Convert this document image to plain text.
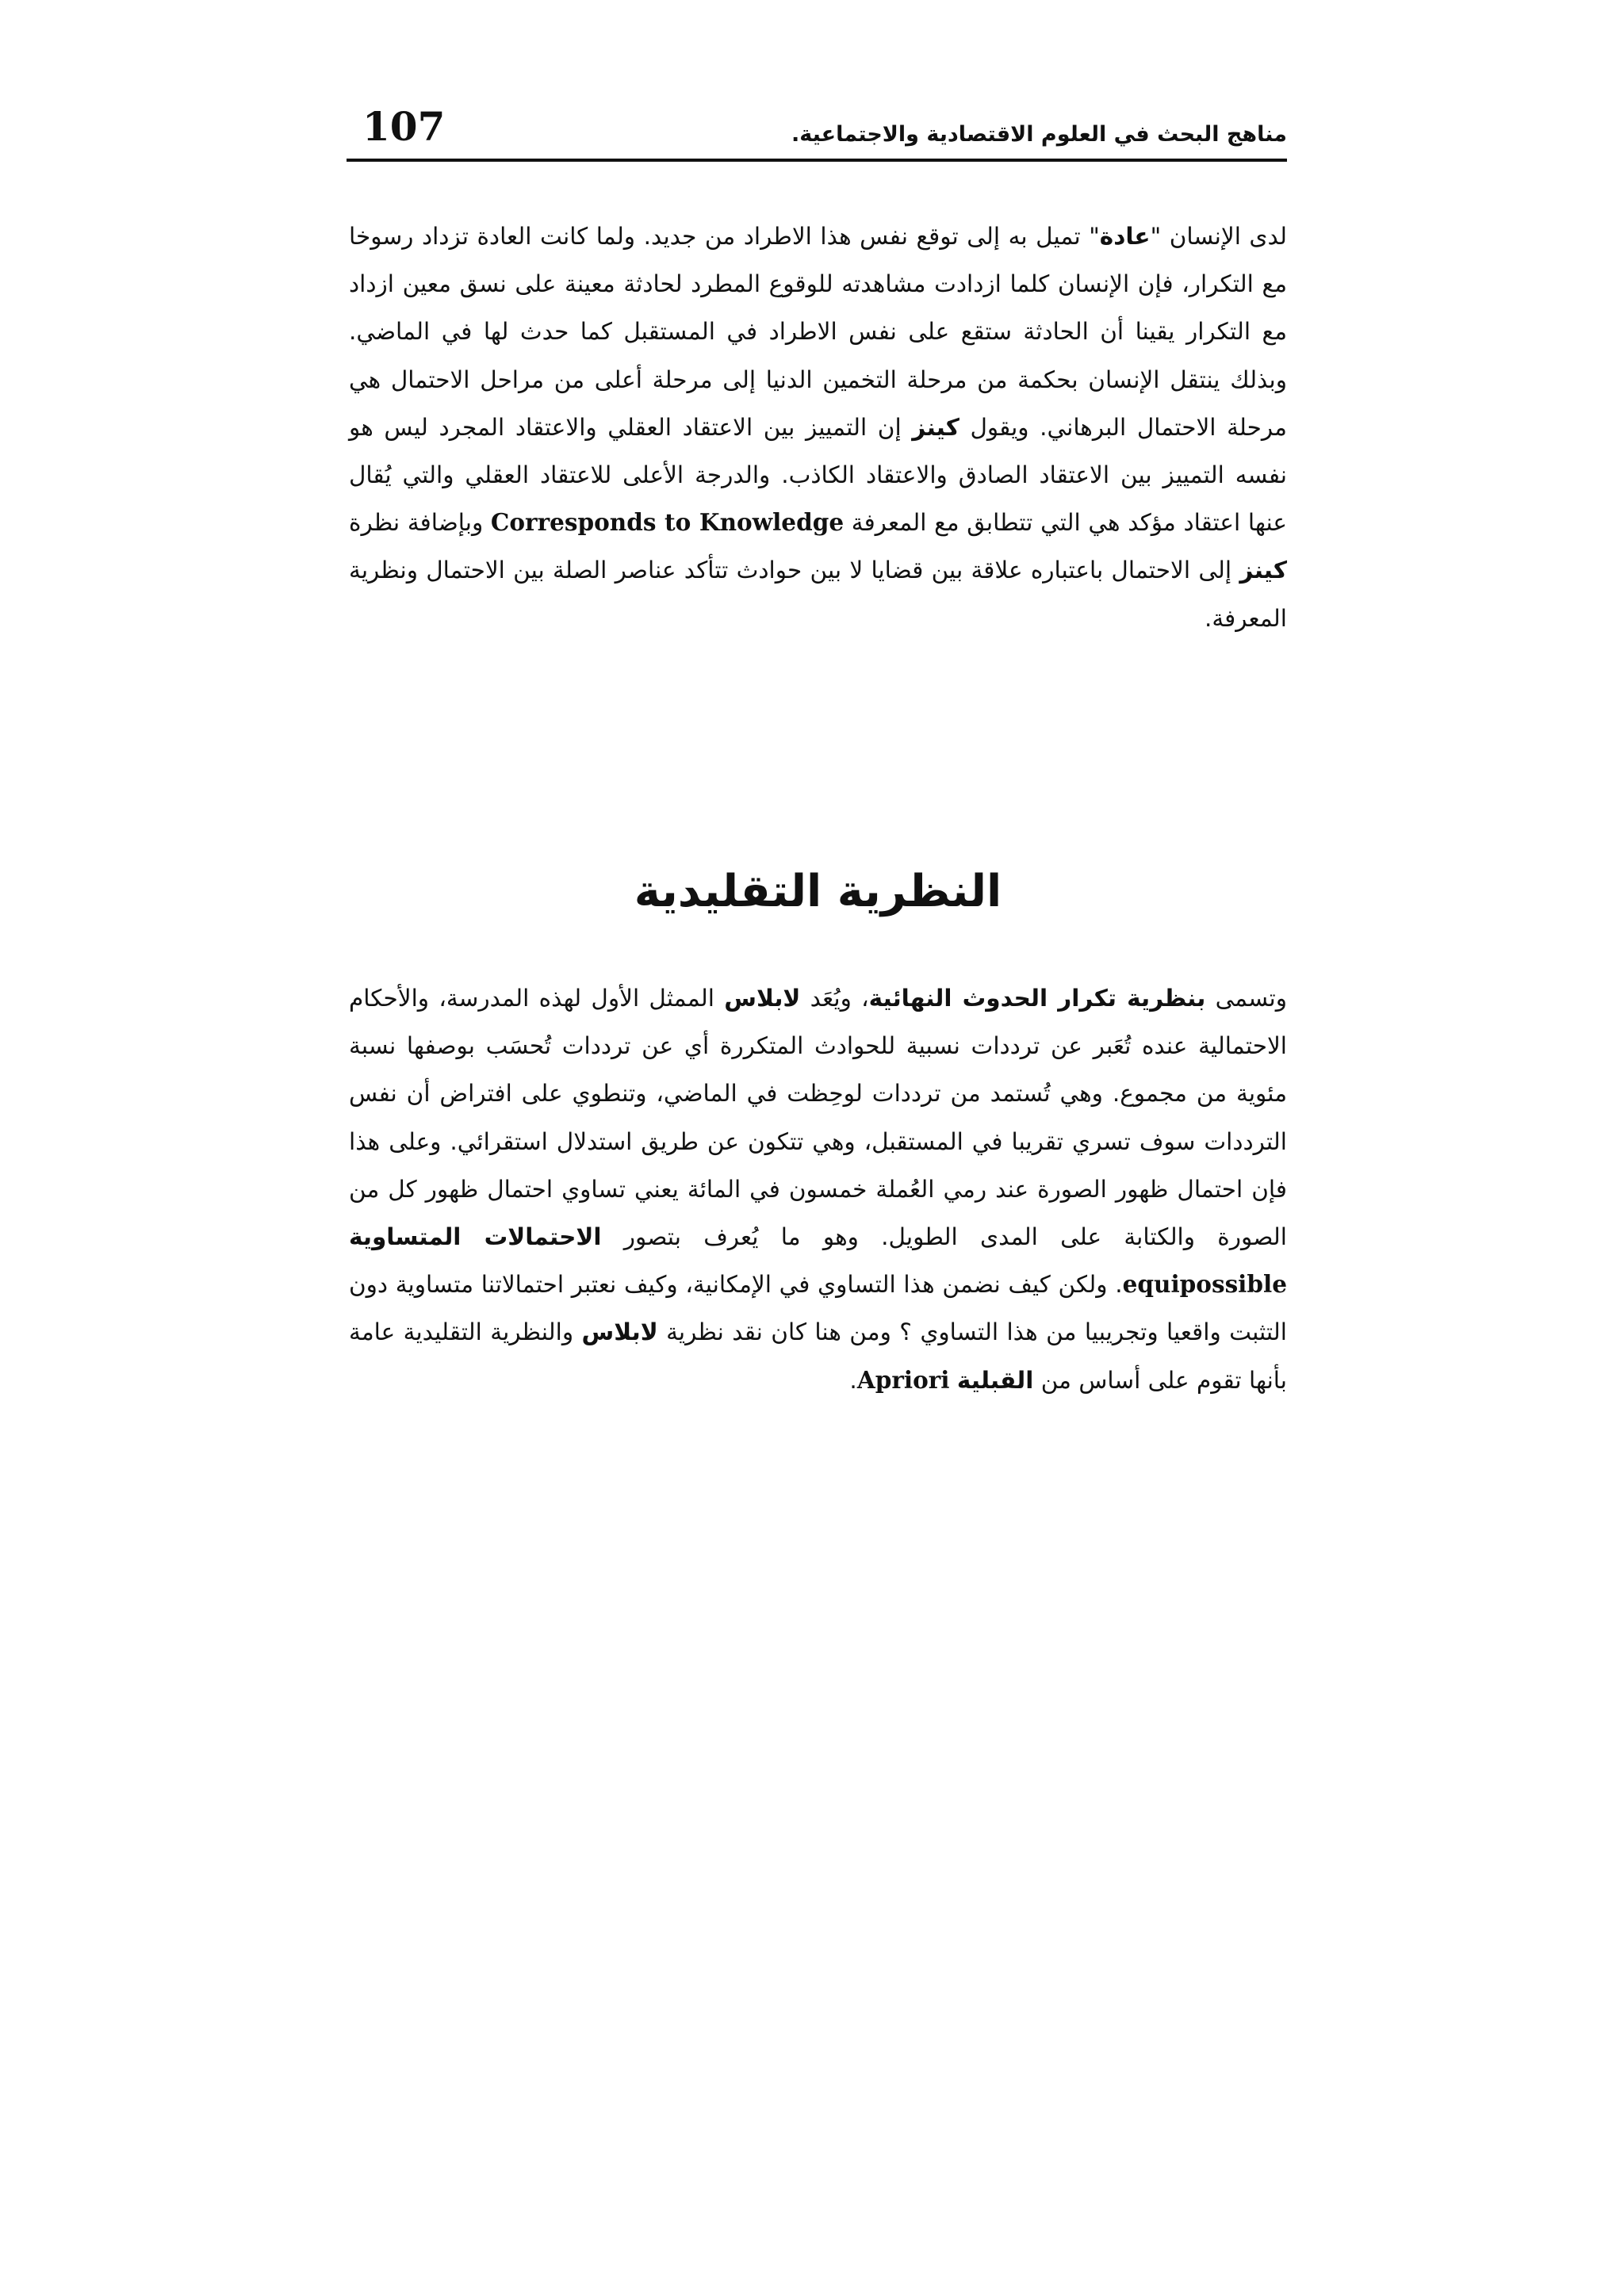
107	مناهج البحث في العلوم الاقتصادية والاجتماعية.

لدى الإنسان "عادة" تميل به إلى توقع نفس هذا الاطراد من جديد. ولما كانت العادة تزداد رسوخا مع التكرار، فإن الإنسان كلما ازدادت مشاهدته للوقوع المطرد لحادثة معينة على نسق معين ازداد مع التكرار يقينا أن الحادثة ستقع على نفس الاطراد في المستقبل كما حدث لها في الماضي. وبذلك ينتقل الإنسان بحكمة من مرحلة التخمين الدنيا إلى مرحلة أعلى من مراحل الاحتمال هي مرحلة الاحتمال البرهاني. ويقول كينز إن التمييز بين الاعتقاد العقلي والاعتقاد المجرد ليس هو نفسه التمييز بين الاعتقاد الصادق والاعتقاد الكاذب. والدرجة الأعلى للاعتقاد العقلي والتي يُقال عنها اعتقاد مؤكد هي التي تتطابق مع المعرفة Corresponds to Knowledge وبإضافة نظرة كينز إلى الاحتمال باعتباره علاقة بين قضايا لا بين حوادث تتأكد عناصر الصلة بين الاحتمال ونظرية المعرفة.

النظرية التقليدية

وتسمى بنظرية تكرار الحدوث النهائية، ويُعَد لابلاس الممثل الأول لهذه المدرسة، والأحكام الاحتمالية عنده تُعَبر عن ترددات نسبية للحوادث المتكررة أي عن ترددات تُحسَب بوصفها نسبة مئوية من مجموع. وهي تُستمد من ترددات لوحِظت في الماضي، وتنطوي على افتراض أن نفس الترددات سوف تسري تقريبا في المستقبل، وهي تتكون عن طريق استدلال استقرائي. وعلى هذا فإن احتمال ظهور الصورة عند رمي العُملة خمسون في المائة يعني تساوي احتمال ظهور كل من الصورة والكتابة على المدى الطويل. وهو ما يُعرف بتصور الاحتمالات المتساوية equipossible. ولكن كيف نضمن هذا التساوي في الإمكانية، وكيف نعتبر احتمالاتنا متساوية دون التثبت واقعيا وتجريبيا من هذا التساوي ؟ ومن هنا كان نقد نظرية لابلاس والنظرية التقليدية عامة بأنها تقوم على أساس من القبلية Apriori.
